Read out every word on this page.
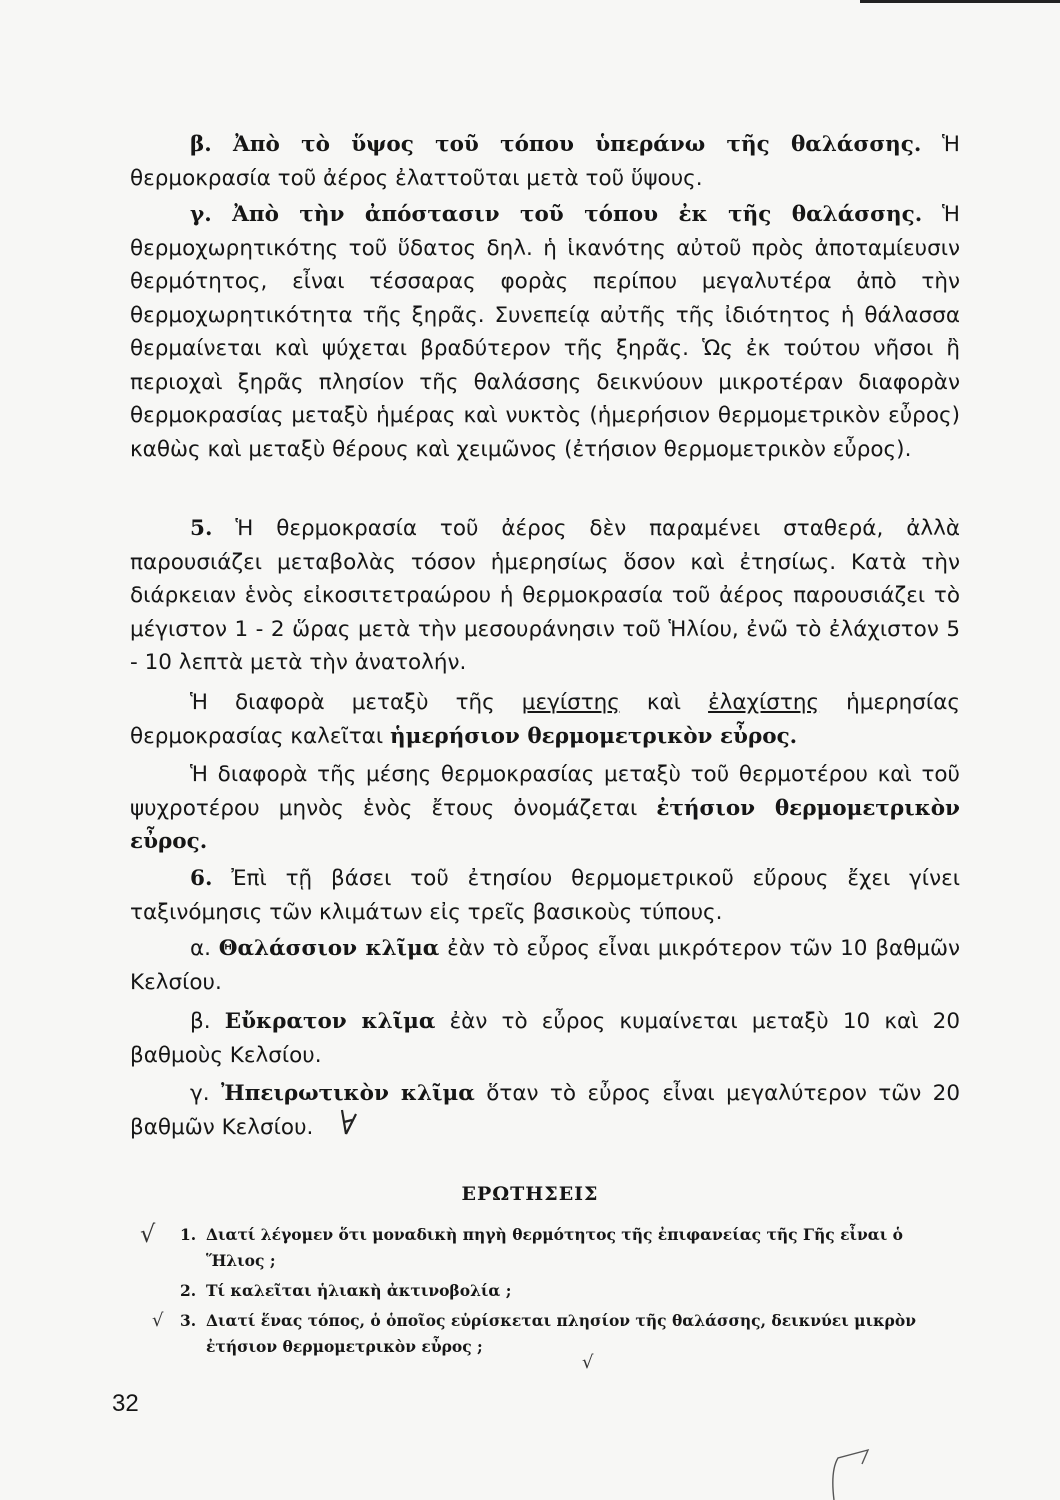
β. Ἀπὸ τὸ ὕψος τοῦ τόπου ὑπεράνω τῆς θαλάσσης. Ἡ θερμοκρασία τοῦ ἀέρος ἐλαττοῦται μετὰ τοῦ ὕψους.

γ. Ἀπὸ τὴν ἀπόστασιν τοῦ τόπου ἐκ τῆς θαλάσσης. Ἡ θερμοχωρητικότης τοῦ ὕδατος δηλ. ἡ ἱκανότης αὐτοῦ πρὸς ἀποταμίευσιν θερμότητος, εἶναι τέσσαρας φορὰς περίπου μεγαλυτέρα ἀπὸ τὴν θερμοχωρητικότητα τῆς ξηρᾶς. Συνεπείᾳ αὐτῆς τῆς ἰδιότητος ἡ θάλασσα θερμαίνεται καὶ ψύχεται βραδύτερον τῆς ξηρᾶς. Ὡς ἐκ τούτου νῆσοι ἢ περιοχαὶ ξηρᾶς πλησίον τῆς θαλάσσης δεικνύουν μικροτέραν διαφορὰν θερμοκρασίας μεταξὺ ἡμέρας καὶ νυκτὸς (ἡμερήσιον θερμομετρικὸν εὖρος) καθὼς καὶ μεταξὺ θέρους καὶ χειμῶνος (ἐτήσιον θερμομετρικὸν εὖρος).

5. Ἡ θερμοκρασία τοῦ ἀέρος δὲν παραμένει σταθερά, ἀλλὰ παρουσιάζει μεταβολὰς τόσον ἡμερησίως ὅσον καὶ ἐτησίως. Κατὰ τὴν διάρκειαν ἑνὸς εἰκοσιτετραώρου ἡ θερμοκρασία τοῦ ἀέρος παρουσιάζει τὸ μέγιστον 1 - 2 ὥρας μετὰ τὴν μεσουράνησιν τοῦ Ἡλίου, ἐνῶ τὸ ἐλάχιστον 5 - 10 λεπτὰ μετὰ τὴν ἀνατολήν.

Ἡ διαφορὰ μεταξὺ τῆς μεγίστης καὶ ἐλαχίστης ἡμερησίας θερμοκρασίας καλεῖται ἡμερήσιον θερμομετρικὸν εὖρος.

Ἡ διαφορὰ τῆς μέσης θερμοκρασίας μεταξὺ τοῦ θερμοτέρου καὶ τοῦ ψυχροτέρου μηνὸς ἑνὸς ἔτους ὀνομάζεται ἐτήσιον θερμομετρικὸν εὖρος.

6. Ἐπὶ τῇ βάσει τοῦ ἐτησίου θερμομετρικοῦ εὔρους ἔχει γίνει ταξινόμησις τῶν κλιμάτων εἰς τρεῖς βασικοὺς τύπους.

α. Θαλάσσιον κλῖμα ἐὰν τὸ εὖρος εἶναι μικρότερον τῶν 10 βαθμῶν Κελσίου.

β. Εὔκρατον κλῖμα ἐὰν τὸ εὖρος κυμαίνεται μεταξὺ 10 καὶ 20 βαθμοὺς Κελσίου.

γ. Ἠπειρωτικὸν κλῖμα ὅταν τὸ εὖρος εἶναι μεγαλύτερον τῶν 20 βαθμῶν Κελσίου.

ΕΡΩΤΗΣΕΙΣ
1. Διατί λέγομεν ὅτι μοναδικὴ πηγὴ θερμότητος τῆς ἐπιφανείας τῆς Γῆς εἶναι ὁ Ἥλιος ;
2. Τί καλεῖται ἡλιακὴ ἀκτινοβολία ;
3. Διατί ἕνας τόπος, ὁ ὁποῖος εὑρίσκεται πλησίον τῆς θαλάσσης, δεικνύει μικρὸν ἐτήσιον θερμομετρικὸν εὖρος ;
√
√
√
32
